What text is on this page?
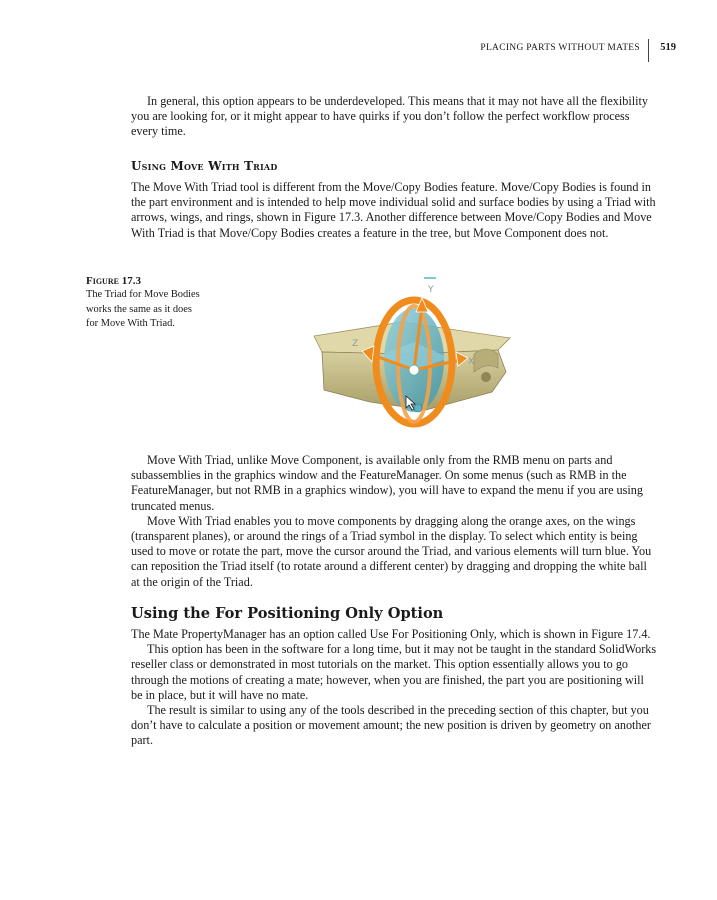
PLACING PARTS WITHOUT MATES 519

In general, this option appears to be underdeveloped. This means that it may not have all the flexibility you are looking for, or it might appear to have quirks if you don’t follow the perfect workflow process every time.

Using Move With Triad

The Move With Triad tool is different from the Move/Copy Bodies feature. Move/Copy Bodies is found in the part environment and is intended to help move individual solid and surface bodies by using a Triad with arrows, wings, and rings, shown in Figure 17.3. Another difference between Move/Copy Bodies and Move With Triad is that Move/Copy Bodies creates a feature in the tree, but Move Component does not.

Figure 17.3
The Triad for Move Bodies works the same as it does for Move With Triad.
Y
Z
X

Move With Triad, unlike Move Component, is available only from the RMB menu on parts and subassemblies in the graphics window and the FeatureManager. On some menus (such as RMB in the FeatureManager, but not RMB in a graphics window), you will have to expand the menu if you are using truncated menus.

Move With Triad enables you to move components by dragging along the orange axes, on the wings (transparent planes), or around the rings of a Triad symbol in the display. To select which entity is being used to move or rotate the part, move the cursor around the Triad, and various elements will turn blue. You can reposition the Triad itself (to rotate around a different center) by dragging and dropping the white ball at the origin of the Triad.

Using the For Positioning Only Option

The Mate PropertyManager has an option called Use For Positioning Only, which is shown in Figure 17.4.

This option has been in the software for a long time, but it may not be taught in the standard SolidWorks reseller class or demonstrated in most tutorials on the market. This option essentially allows you to go through the motions of creating a mate; however, when you are finished, the part you are positioning will be in place, but it will have no mate.

The result is similar to using any of the tools described in the preceding section of this chapter, but you don’t have to calculate a position or movement amount; the new position is driven by geometry on another part.
